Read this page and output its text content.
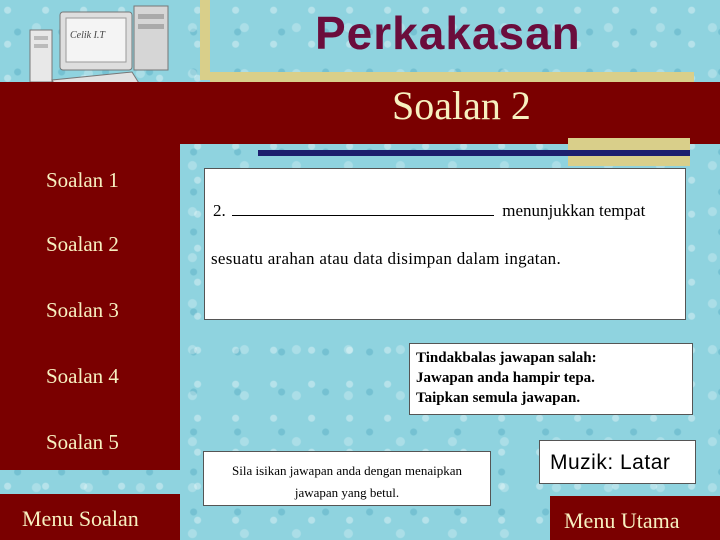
Celik I.T	Perkakasan
Soalan 2
Soalan 1
Soalan 2
Soalan 3
Soalan 4
Soalan 5
Menu Soalan
2.	menunjukkan tempat
sesuatu arahan atau data disimpan dalam ingatan.
Tindakbalas jawapan salah:
Jawapan anda hampir tepa.
Taipkan semula jawapan.
Sila isikan jawapan anda dengan menaipkan
jawapan yang betul.
Muzik: Latar
Menu Utama
